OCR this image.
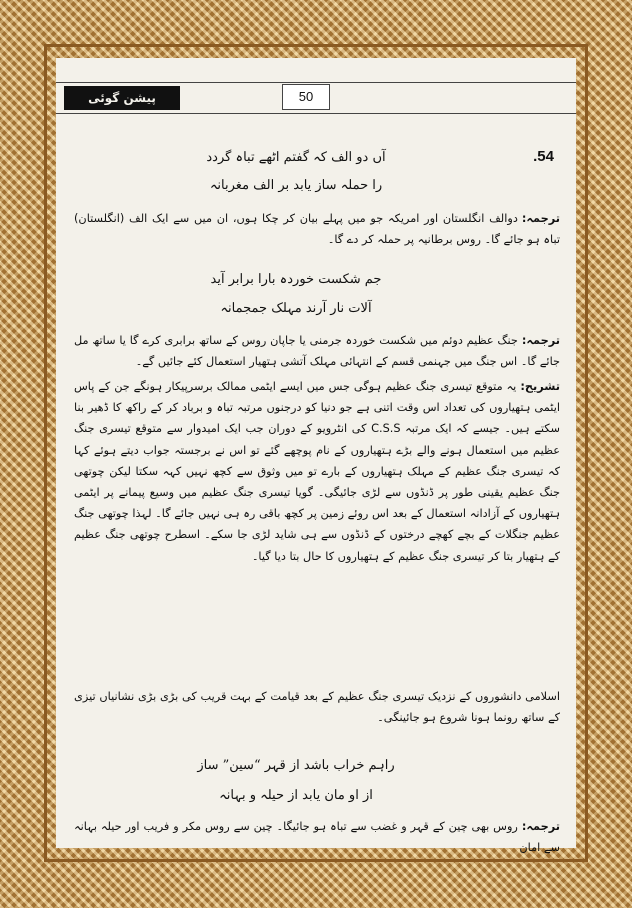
پیشن گوئی	50
.54
آں دو الف کہ گفتم اٹھے تباہ گردد
را حملہ ساز یابد بر الف مغربانہ
ترجمہ:دوالف انگلستان اور امریکہ جو میں پہلے بیان کر چکا ہوں، ان میں سے ایک الف (انگلستان) تباہ ہو جائے گا۔ روس برطانیہ پر حملہ کر دے گا۔
جم شکست خوردہ بارا برابر آید
آلات نار آرند مہلک جمجمانہ
ترجمہ:جنگ عظیم دوئم میں شکست خوردہ جرمنی یا جاپان روس کے ساتھ برابری کرے گا یا ساتھ مل جائے گا۔ اس جنگ میں جہنمی قسم کے انتہائی مہلک آتشی ہتھیار استعمال کئے جائیں گے۔
تشریح:یہ متوقع تیسری جنگ عظیم ہوگی جس میں ایسے ایٹمی ممالک برسرپیکار ہونگے جن کے پاس ایٹمی ہتھیاروں کی تعداد اس وقت اتنی ہے جو دنیا کو درجنوں مرتبہ تباہ و برباد کر کے راکھ کا ڈھیر بنا سکتے ہیں۔ جیسے کہ ایک مرتبہ C.S.S کی انٹرویو کے دوران جب ایک امیدوار سے متوقع تیسری جنگ عظیم میں استعمال ہونے والے بڑے ہتھیاروں کے نام پوچھے گئے تو اس نے برجستہ جواب دیتے ہوئے کہا کہ تیسری جنگ عظیم کے مہلک ہتھیاروں کے بارے تو میں وثوق سے کچھ نہیں کہہ سکتا لیکن چوتھی جنگ عظیم یقینی طور پر ڈنڈوں سے لڑی جائیگی۔ گویا تیسری جنگ عظیم میں وسیع پیمانے پر ایٹمی ہتھیاروں کے آزادانہ استعمال کے بعد اس روئے زمین پر کچھ باقی رہ ہی نہیں جائے گا۔ لہذا چوتھی جنگ عظیم جنگلات کے بچے کھچے درختوں کے ڈنڈوں سے ہی شاید لڑی جا سکے۔ اسطرح چوتھی جنگ عظیم کے ہتھیار بتا کر تیسری جنگ عظیم کے ہتھیاروں کا حال بتا دیا گیا۔
اسلامی دانشوروں کے نزدیک تیسری جنگ عظیم کے بعد قیامت کے بہت قریب کی بڑی بڑی نشانیاں تیزی کے ساتھ رونما ہونا شروع ہو جائینگی۔
راہم خراب باشد از قہر “سین” ساز
از او مان یابد از حیلہ و بہانہ
ترجمہ:روس بھی چین کے قہر و غضب سے تباہ ہو جائیگا۔ چین سے روس مکر و فریب اور حیلہ بہانہ سے امان
